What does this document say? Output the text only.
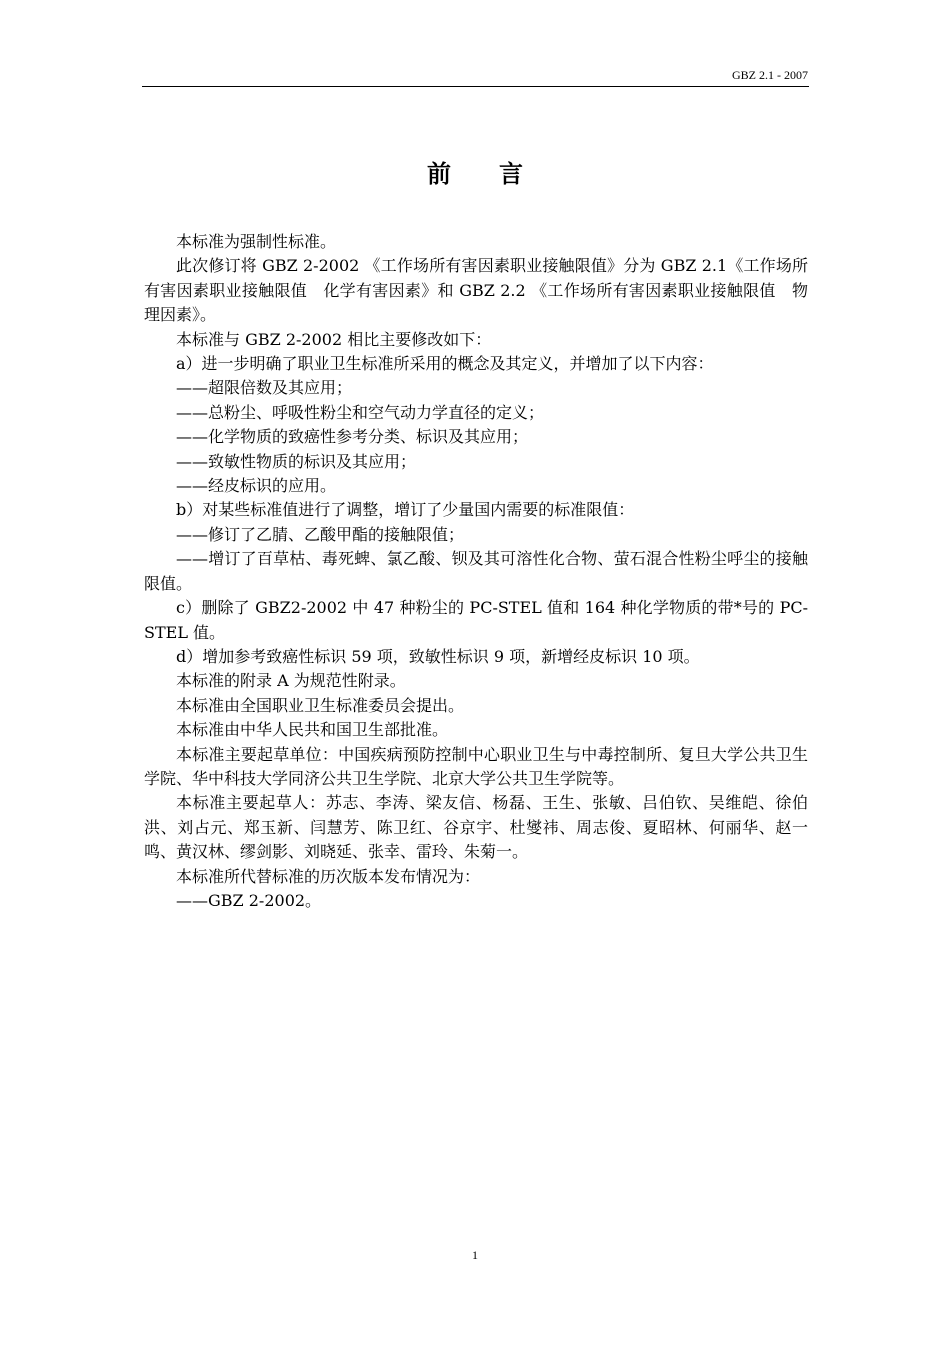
GBZ 2.1 - 2007
前言

本标准为强制性标准。

此次修订将 GBZ 2-2002 《工作场所有害因素职业接触限值》分为 GBZ 2.1《工作场所有害因素职业接触限值　化学有害因素》和 GBZ 2.2 《工作场所有害因素职业接触限值　物理因素》。

本标准与 GBZ 2-2002 相比主要修改如下：

a）进一步明确了职业卫生标准所采用的概念及其定义，并增加了以下内容：

——超限倍数及其应用；

——总粉尘、呼吸性粉尘和空气动力学直径的定义；

——化学物质的致癌性参考分类、标识及其应用；

——致敏性物质的标识及其应用；

——经皮标识的应用。

b）对某些标准值进行了调整，增订了少量国内需要的标准限值：

——修订了乙腈、乙酸甲酯的接触限值；

——增订了百草枯、毒死蜱、氯乙酸、钡及其可溶性化合物、萤石混合性粉尘呼尘的接触限值。

c）删除了 GBZ2-2002 中 47 种粉尘的 PC-STEL 值和 164 种化学物质的带*号的 PC-STEL 值。

d）增加参考致癌性标识 59 项，致敏性标识 9 项，新增经皮标识 10 项。

本标准的附录 A 为规范性附录。

本标准由全国职业卫生标准委员会提出。

本标准由中华人民共和国卫生部批准。

本标准主要起草单位：中国疾病预防控制中心职业卫生与中毒控制所、复旦大学公共卫生学院、华中科技大学同济公共卫生学院、北京大学公共卫生学院等。

本标准主要起草人：苏志、李涛、梁友信、杨磊、王生、张敏、吕伯钦、吴维皑、徐伯洪、刘占元、郑玉新、闫慧芳、陈卫红、谷京宇、杜燮祎、周志俊、夏昭林、何丽华、赵一鸣、黄汉林、缪剑影、刘晓延、张幸、雷玲、朱菊一。

本标准所代替标准的历次版本发布情况为：

——GBZ 2-2002。

1
